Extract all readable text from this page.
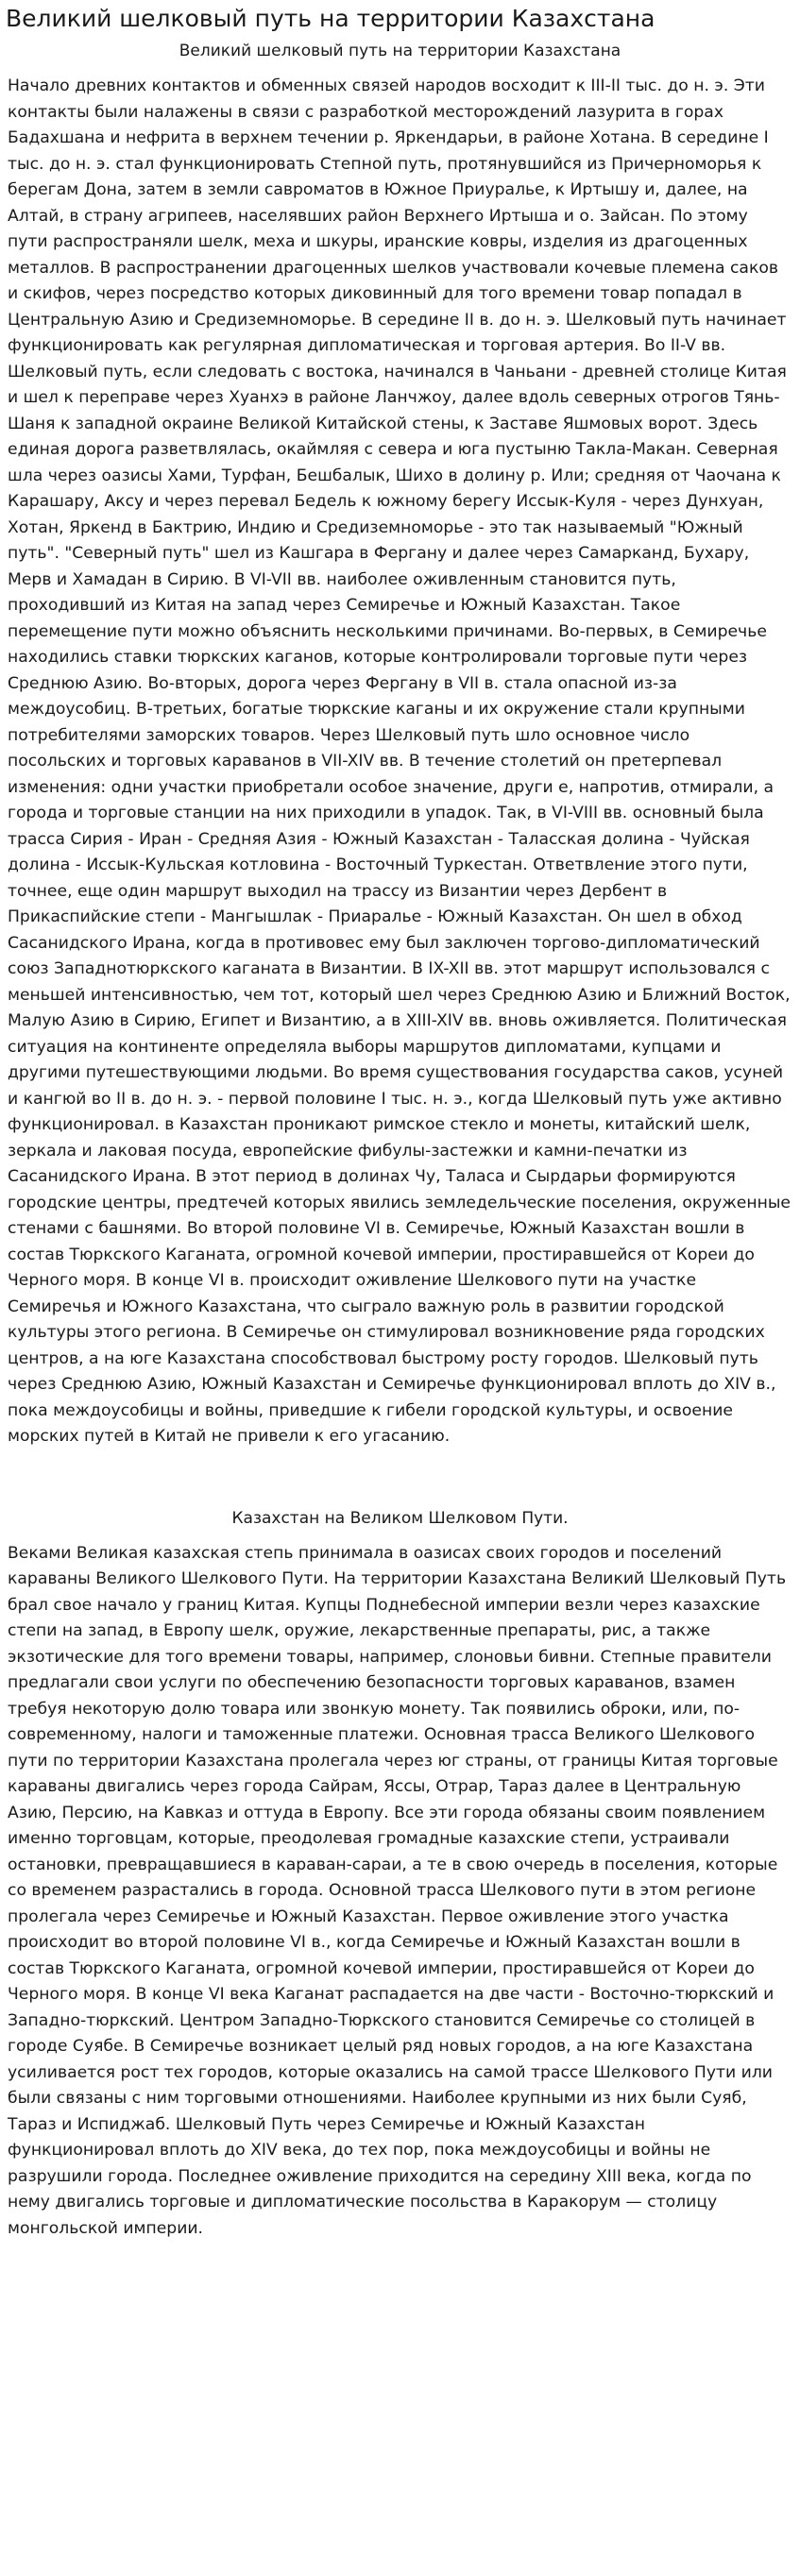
Великий шелковый путь на территории Казахстана
Великий шелковый путь на территории Казахстана

Начало древних контактов и обменных связей народов восходит к III-II тыс. до н. э. Эти контакты были налажены в связи с разработкой месторождений лазурита в горах Бадахшана и нефрита в верхнем течении р. Яркендарьи, в районе Хотана. В середине I тыс. до н. э. стал функционировать Степной путь, протянувшийся из Причерноморья к берегам Дона, затем в земли савроматов в Южное Приуралье, к Иртышу и, далее, на Алтай, в страну агрипеев, населявших район Верхнего Иртыша и о. Зайсан. По этому пути распространяли шелк, меха и шкуры, иранские ковры, изделия из драгоценных металлов. В распространении драгоценных шелков участвовали кочевые племена саков и скифов, через посредство которых диковинный для того времени товар попадал в Центральную Азию и Средиземноморье. В середине II в. до н. э. Шелковый путь начинает функционировать как регулярная дипломатическая и торговая артерия. Во II-V вв. Шелковый путь, если следовать с востока, начинался в Чаньани - древней столице Китая и шел к переправе через Хуанхэ в районе Ланчжоу, далее вдоль северных отрогов Тянь-Шаня к западной окраине Великой Китайской стены, к Заставе Яшмовых ворот. Здесь единая дорога разветвлялась, окаймляя с севера и юга пустыню Такла-Макан. Северная шла через оазисы Хами, Турфан, Бешбалык, Шихо в долину р. Или; средняя от Чаочана к Карашару, Аксу и через перевал Бедель к южному берегу Иссык-Куля - через Дунхуан, Хотан, Яркенд в Бактрию, Индию и Средиземноморье - это так называемый "Южный путь". "Северный путь" шел из Кашгара в Фергану и далее через Самарканд, Бухару, Мерв и Хамадан в Сирию. В VI-VII вв. наиболее оживленным становится путь, проходивший из Китая на запад через Семиречье и Южный Казахстан. Такое перемещение пути можно объяснить несколькими причинами. Во-первых, в Семиречье находились ставки тюркских каганов, которые контролировали торговые пути через Среднюю Азию. Во-вторых, дорога через Фергану в VII в. стала опасной из-за междоусобиц. В-третьих, богатые тюркские каганы и их окружение стали крупными потребителями заморских товаров. Через Шелковый путь шло основное число посольских и торговых караванов в VII-XIV вв. В течение столетий он претерпевал изменения: одни участки приобретали особое значение, други е, напротив, отмирали, а города и торговые станции на них приходили в упадок. Так, в VI-VIII вв. основный была трасса Сирия - Иран - Средняя Азия - Южный Казахстан - Таласская долина - Чуйская долина - Иссык-Кульская котловина - Восточный Туркестан. Ответвление этого пути, точнее, еще один маршрут выходил на трассу из Византии через Дербент в Прикаспийские степи - Мангышлак - Приаралье - Южный Казахстан. Он шел в обход Сасанидского Ирана, когда в противовес ему был заключен торгово-дипломатический союз Западнотюркского каганата в Византии. В IX-XII вв. этот маршрут использовался с меньшей интенсивностью, чем тот, который шел через Среднюю Азию и Ближний Восток, Малую Азию в Сирию, Египет и Византию, а в XIII-XIV вв. вновь оживляется. Политическая ситуация на континенте определяла выборы маршрутов дипломатами, купцами и другими путешествующими людьми. Во время существования государства саков, усуней и кангюй во II в. до н. э. - первой половине I тыс. н. э., когда Шелковый путь уже активно функционировал. в Казахстан проникают римское стекло и монеты, китайский шелк, зеркала и лаковая посуда, европейские фибулы-застежки и камни-печатки из Сасанидского Ирана. В этот период в долинах Чу, Таласа и Сырдарьи формируются городские центры, предтечей которых явились земледельческие поселения, окруженные стенами с башнями. Во второй половине VI в. Семиречье, Южный Казахстан вошли в состав Тюркского Каганата, огромной кочевой империи, простиравшейся от Кореи до Черного моря. В конце VI в. происходит оживление Шелкового пути на участке Семиречья и Южного Казахстана, что сыграло важную роль в развитии городской культуры этого региона. В Семиречье он стимулировал возникновение ряда городских центров, а на юге Казахстана способствовал быстрому росту городов. Шелковый путь через Среднюю Азию, Южный Казахстан и Семиречье функционировал вплоть до XIV в., пока междоусобицы и войны, приведшие к гибели городской культуры, и освоение морских путей в Китай не привели к его угасанию.

Казахстан на Великом Шелковом Пути.

Веками Великая казахская степь принимала в оазисах своих городов и поселений караваны Великого Шелкового Пути. На территории Казахстана Великий Шелковый Путь брал свое начало у границ Китая. Купцы Поднебесной империи везли через казахские степи на запад, в Европу шелк, оружие, лекарственные препараты, рис, а также экзотические для того времени товары, например, слоновьи бивни. Степные правители предлагали свои услуги по обеспечению безопасности торговых караванов, взамен требуя некоторую долю товара или звонкую монету. Так появились оброки, или, по-современному, налоги и таможенные платежи. Основная трасса Великого Шелкового пути по территории Казахстана пролегала через юг страны, от границы Китая торговые караваны двигались через города Сайрам, Яссы, Отрар, Тараз далее в Центральную Азию, Персию, на Кавказ и оттуда в Европу. Все эти города обязаны своим появлением именно торговцам, которые, преодолевая громадные казахские степи, устраивали остановки, превращавшиеся в караван-сараи, а те в свою очередь в поселения, которые со временем разрастались в города. Основной трасса Шелкового пути в этом регионе пролегала через Семиречье и Южный Казахстан. Первое оживление этого участка происходит во второй половине VI в., когда Семиречье и Южный Казахстан вошли в состав Тюркского Каганата, огромной кочевой империи, простиравшейся от Кореи до Черного моря. В конце VI века Каганат распадается на две части - Восточно-тюркский и Западно-тюркский. Центром Западно-Тюркского становится Семиречье со столицей в городе Суябе. В Семиречье возникает целый ряд новых городов, а на юге Казахстана усиливается рост тех городов, которые оказались на самой трассе Шелкового Пути или были связаны с ним торговыми отношениями. Наиболее крупными из них были Суяб, Тараз и Испиджаб. Шелковый Путь через Семиречье и Южный Казахстан функционировал вплоть до XIV века, до тех пор, пока междоусобицы и войны не разрушили города. Последнее оживление приходится на середину XIII века, когда по нему двигались торговые и дипломатические посольства в Каракорум — столицу монгольской империи.
